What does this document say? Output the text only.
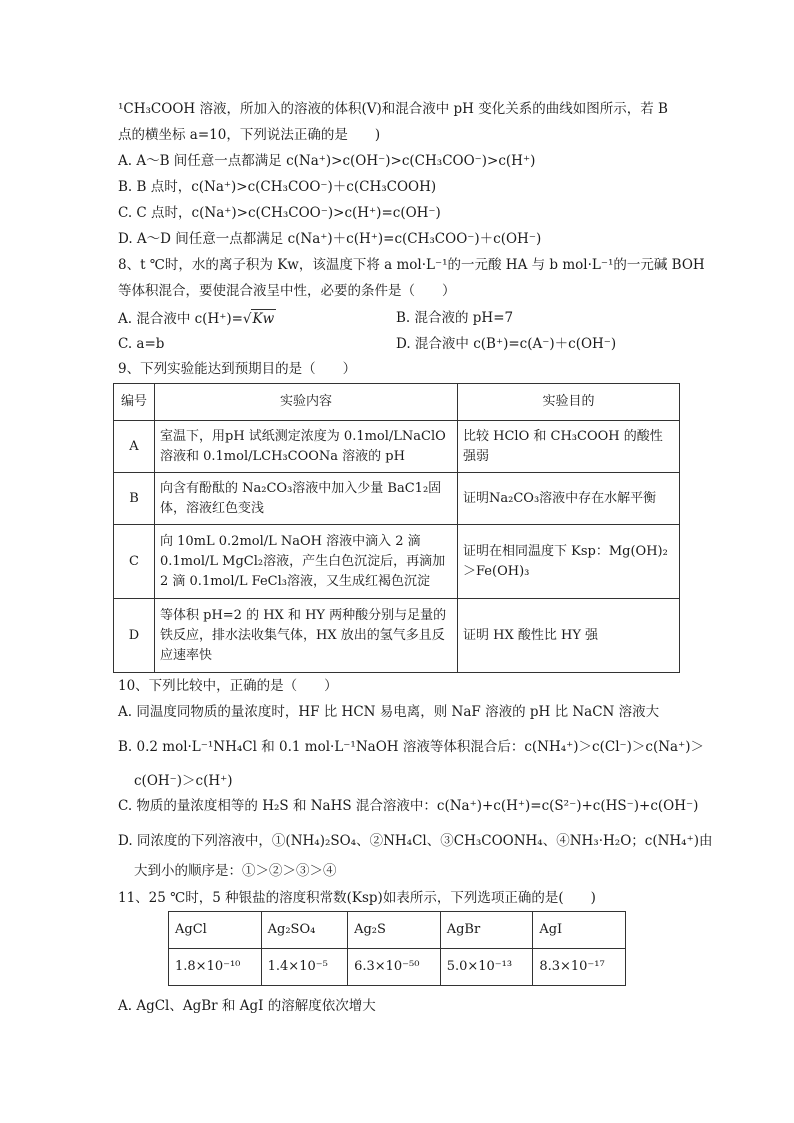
¹CH₃COOH 溶液，所加入的溶液的体积(V)和混合液中 pH 变化关系的曲线如图所示，若 B
点的横坐标 a=10，下列说法正确的是　　)
A. A～B 间任意一点都满足 c(Na⁺)>c(OH⁻)>c(CH₃COO⁻)>c(H⁺)
B. B 点时，c(Na⁺)>c(CH₃COO⁻)＋c(CH₃COOH)
C. C 点时，c(Na⁺)>c(CH₃COO⁻)>c(H⁺)=c(OH⁻)
D. A～D 间任意一点都满足 c(Na⁺)＋c(H⁺)=c(CH₃COO⁻)＋c(OH⁻)
8、t ℃时，水的离子积为 Kw，该温度下将 a mol·L⁻¹的一元酸 HA 与 b mol·L⁻¹的一元碱 BOH
等体积混合，要使混合液呈中性，必要的条件是（　　）
A. 混合液中 c(H⁺)=√Kw	B. 混合液的 pH=7
C. a=b	D. 混合液中 c(B⁺)=c(A⁻)＋c(OH⁻)
9、下列实验能达到预期目的是（　　）
编号	实验内容	实验目的
A	室温下，用pH 试纸测定浓度为 0.1mol/LNaClO 溶液和 0.1mol/LCH₃COONa 溶液的 pH	比较 HClO 和 CH₃COOH 的酸性强弱
B	向含有酚酞的 Na₂CO₃溶液中加入少量 BaC1₂固体，溶液红色变浅	证明Na₂CO₃溶液中存在水解平衡
C	向 10mL 0.2mol/L NaOH 溶液中滴入 2 滴 0.1mol/L MgCl₂溶液，产生白色沉淀后，再滴加 2 滴 0.1mol/L FeCl₃溶液，又生成红褐色沉淀	证明在相同温度下 Ksp：Mg(OH)₂＞Fe(OH)₃
D	等体积 pH=2 的 HX 和 HY 两种酸分别与足量的铁反应，排水法收集气体，HX 放出的氢气多且反应速率快	证明 HX 酸性比 HY 强
10、下列比较中，正确的是（　　）
A. 同温度同物质的量浓度时，HF 比 HCN 易电离，则 NaF 溶液的 pH 比 NaCN 溶液大
B. 0.2 mol·L⁻¹NH₄Cl 和 0.1 mol·L⁻¹NaOH 溶液等体积混合后：c(NH₄⁺)＞c(Cl⁻)＞c(Na⁺)＞
c(OH⁻)＞c(H⁺)
C. 物质的量浓度相等的 H₂S 和 NaHS 混合溶液中：c(Na⁺)+c(H⁺)=c(S²⁻)+c(HS⁻)+c(OH⁻)
D. 同浓度的下列溶液中，①(NH₄)₂SO₄、②NH₄Cl、③CH₃COONH₄、④NH₃·H₂O；c(NH₄⁺)由
大到小的顺序是：①＞②＞③＞④
11、25 ℃时，5 种银盐的溶度积常数(Ksp)如表所示，下列选项正确的是(　　)
AgCl	Ag₂SO₄	Ag₂S	AgBr	AgI
1.8×10⁻¹⁰	1.4×10⁻⁵	6.3×10⁻⁵⁰	5.0×10⁻¹³	8.3×10⁻¹⁷
A. AgCl、AgBr 和 AgI 的溶解度依次增大
